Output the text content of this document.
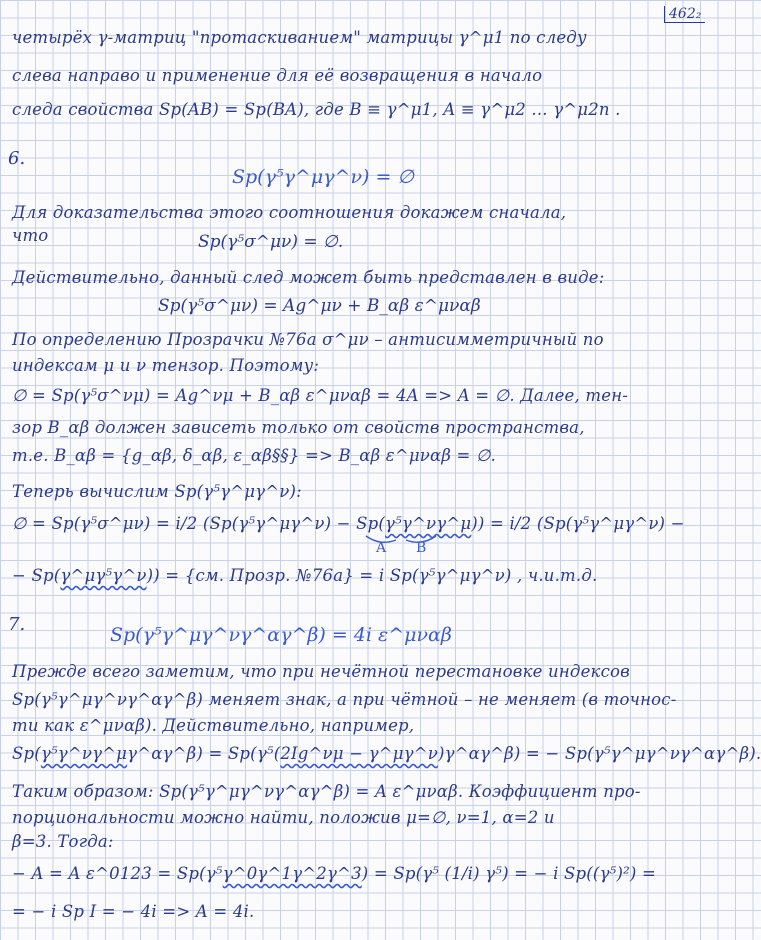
462₂
четырёх γ-матриц "протаскиванием" матрицы γ^μ1 по следу
слева направо и применение для её возвращения в начало
следа свойства Sp(AB) = Sp(BA), где B ≡ γ^μ1, A ≡ γ^μ2 ... γ^μ2n .
6.
Sp(γ⁵γ^μγ^ν) = ∅
Для доказательства этого соотношения докажем сначала,
что	Sp(γ⁵σ^μν) = ∅.
Действительно, данный след может быть представлен в виде:
Sp(γ⁵σ^μν) = Ag^μν + B_αβ ε^μναβ
По определению Прозрачки №76а σ^μν – антисимметричный по
индексам μ и ν тензор. Поэтому:
∅ = Sp(γ⁵σ^νμ) = Ag^νμ + B_αβ ε^μναβ = 4A => A = ∅. Далее, тен-
зор B_αβ должен зависеть только от свойств пространства,
т.е. B_αβ = {g_αβ, δ_αβ, ε_αβ§§} => B_αβ ε^μναβ = ∅.
Теперь вычислим Sp(γ⁵γ^μγ^ν):
∅ = Sp(γ⁵σ^μν) = i/2 (Sp(γ⁵γ^μγ^ν) − Sp(γ⁵γ^νγ^μ)) = i/2 (Sp(γ⁵γ^μγ^ν) −
A B
− Sp(γ^μγ⁵γ^ν)) = {см. Прозр. №76а} = i Sp(γ⁵γ^μγ^ν) , ч.и.т.д.
7.	Sp(γ⁵γ^μγ^νγ^αγ^β) = 4i ε^μναβ
Прежде всего заметим, что при нечётной перестановке индексов
Sp(γ⁵γ^μγ^νγ^αγ^β) меняет знак, а при чётной – не меняет (в точнос-
ти как ε^μναβ). Действительно, например,
Sp(γ⁵γ^νγ^μγ^αγ^β) = Sp(γ⁵(2Ig^νμ − γ^μγ^ν)γ^αγ^β) = − Sp(γ⁵γ^μγ^νγ^αγ^β).
Таким образом: Sp(γ⁵γ^μγ^νγ^αγ^β) = A ε^μναβ. Коэффициент про-
порциональности можно найти, положив μ=∅, ν=1, α=2 и
β=3. Тогда:
− A = A ε^0123 = Sp(γ⁵γ^0γ^1γ^2γ^3) = Sp(γ⁵ (1/i) γ⁵) = − i Sp((γ⁵)²) =
= − i Sp I = − 4i => A = 4i.
